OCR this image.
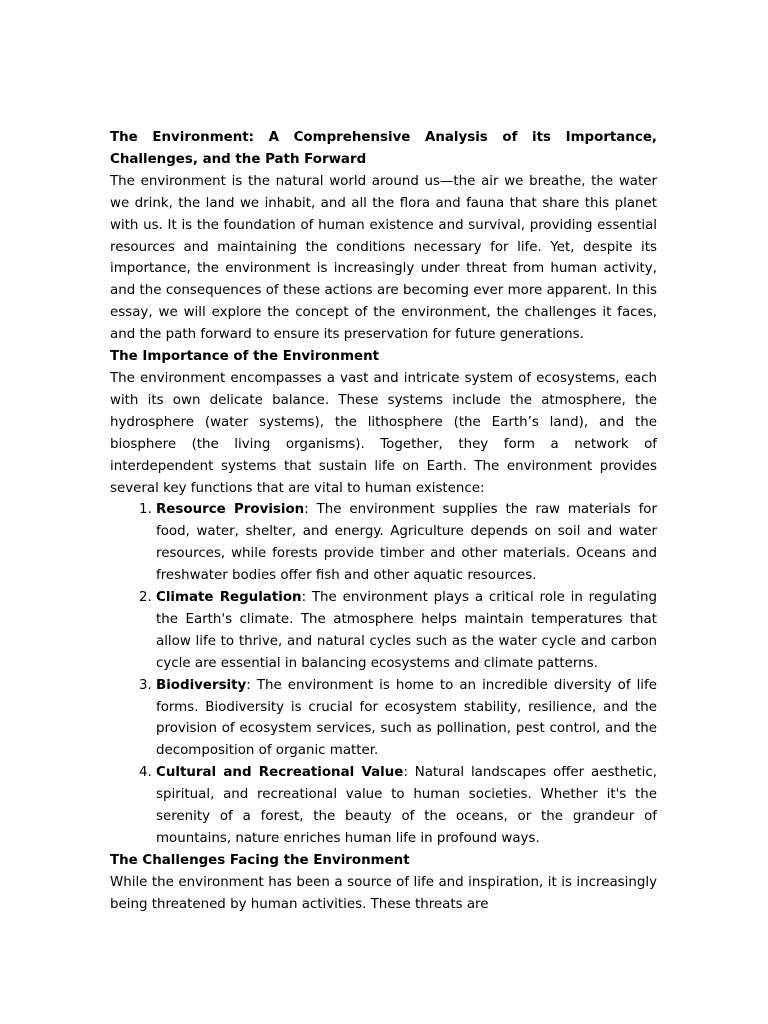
The Environment: A Comprehensive Analysis of its Importance, Challenges, and the Path Forward

The environment is the natural world around us—the air we breathe, the water we drink, the land we inhabit, and all the flora and fauna that share this planet with us. It is the foundation of human existence and survival, providing essential resources and maintaining the conditions necessary for life. Yet, despite its importance, the environment is increasingly under threat from human activity, and the consequences of these actions are becoming ever more apparent. In this essay, we will explore the concept of the environment, the challenges it faces, and the path forward to ensure its preservation for future generations.

The Importance of the Environment

The environment encompasses a vast and intricate system of ecosystems, each with its own delicate balance. These systems include the atmosphere, the hydrosphere (water systems), the lithosphere (the Earth’s land), and the biosphere (the living organisms). Together, they form a network of interdependent systems that sustain life on Earth. The environment provides several key functions that are vital to human existence:

1. Resource Provision: The environment supplies the raw materials for food, water, shelter, and energy. Agriculture depends on soil and water resources, while forests provide timber and other materials. Oceans and freshwater bodies offer fish and other aquatic resources.
2. Climate Regulation: The environment plays a critical role in regulating the Earth's climate. The atmosphere helps maintain temperatures that allow life to thrive, and natural cycles such as the water cycle and carbon cycle are essential in balancing ecosystems and climate patterns.
3. Biodiversity: The environment is home to an incredible diversity of life forms. Biodiversity is crucial for ecosystem stability, resilience, and the provision of ecosystem services, such as pollination, pest control, and the decomposition of organic matter.
4. Cultural and Recreational Value: Natural landscapes offer aesthetic, spiritual, and recreational value to human societies. Whether it's the serenity of a forest, the beauty of the oceans, or the grandeur of mountains, nature enriches human life in profound ways.

The Challenges Facing the Environment

While the environment has been a source of life and inspiration, it is increasingly being threatened by human activities. These threats are
